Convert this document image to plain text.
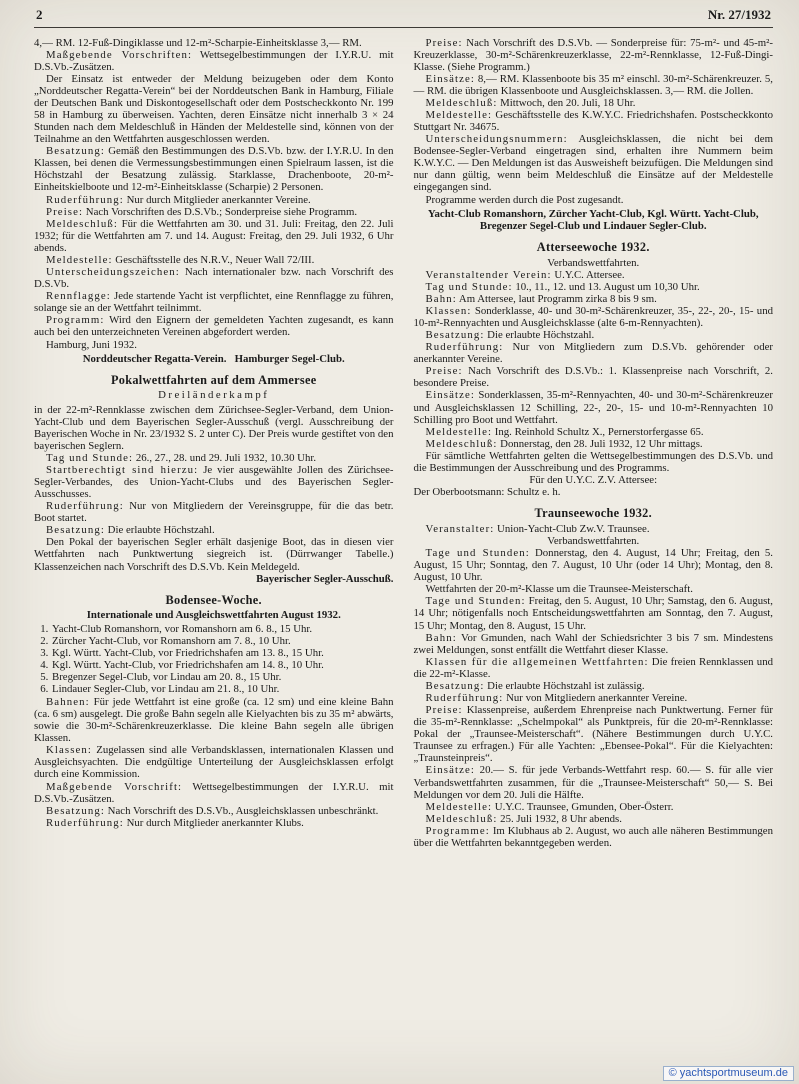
2	Nr. 27/1932

4,— RM. 12-Fuß-Dingiklasse und 12-m²-Scharpie-Einheitsklasse 3,— RM.

Maßgebende Vorschriften: Wettsegelbestimmungen der I.Y.R.U. mit D.S.Vb.-Zusätzen.

Der Einsatz ist entweder der Meldung beizugeben oder dem Konto „Norddeutscher Regatta-Verein“ bei der Norddeutschen Bank in Hamburg, Filiale der Deutschen Bank und Diskontogesellschaft oder dem Postscheckkonto Nr. 199 58 in Hamburg zu überweisen. Yachten, deren Einsätze nicht innerhalb 3 × 24 Stunden nach dem Meldeschluß in Händen der Meldestelle sind, können von der Teilnahme an den Wettfahrten ausgeschlossen werden.

Besatzung: Gemäß den Bestimmungen des D.S.Vb. bzw. der I.Y.R.U. In den Klassen, bei denen die Vermessungsbestimmungen einen Spielraum lassen, ist die Höchstzahl der Besatzung zulässig. Starklasse, Drachenboote, 20-m²-Einheitskielboote und 12-m²-Einheitsklasse (Scharpie) 2 Personen.

Ruderführung: Nur durch Mitglieder anerkannter Vereine.

Preise: Nach Vorschriften des D.S.Vb.; Sonderpreise siehe Programm.

Meldeschluß: Für die Wettfahrten am 30. und 31. Juli: Freitag, den 22. Juli 1932; für die Wettfahrten am 7. und 14. August: Freitag, den 29. Juli 1932, 6 Uhr abends.

Meldestelle: Geschäftsstelle des N.R.V., Neuer Wall 72/III.

Unterscheidungszeichen: Nach internationaler bzw. nach Vorschrift des D.S.Vb.

Rennflagge: Jede startende Yacht ist verpflichtet, eine Rennflagge zu führen, solange sie an der Wettfahrt teilnimmt.

Programm: Wird den Eignern der gemeldeten Yachten zugesandt, es kann auch bei den unterzeichneten Vereinen abgefordert werden.

Hamburg, Juni 1932.

Norddeutscher Regatta-Verein.   Hamburger Segel-Club.

Pokalwettfahrten auf dem Ammersee

Dreiländerkampf

in der 22-m²-Rennklasse zwischen dem Zürichsee-Segler-Verband, dem Union-Yacht-Club und dem Bayerischen Segler-Ausschuß (vergl. Ausschreibung der Bayerischen Woche in Nr. 23/1932 S. 2 unter C). Der Preis wurde gestiftet von den bayerischen Seglern.

Tag und Stunde: 26., 27., 28. und 29. Juli 1932, 10.30 Uhr.

Startberechtigt sind hierzu: Je vier ausgewählte Jollen des Zürichsee-Segler-Verbandes, des Union-Yacht-Clubs und des Bayerischen Segler-Ausschusses.

Ruderführung: Nur von Mitgliedern der Vereinsgruppe, für die das betr. Boot startet.

Besatzung: Die erlaubte Höchstzahl.

Den Pokal der bayerischen Segler erhält dasjenige Boot, das in diesen vier Wettfahrten nach Punktwertung siegreich ist. (Dürrwanger Tabelle.) Klassenzeichen nach Vorschrift des D.S.Vb. Kein Meldegeld.

Bayerischer Segler-Ausschuß.

Bodensee-Woche.

Internationale und Ausgleichswettfahrten August 1932.

1. Yacht-Club Romanshorn, vor Romanshorn am 6. 8., 15 Uhr.
2. Zürcher Yacht-Club, vor Romanshorn am 7. 8., 10 Uhr.
3. Kgl. Württ. Yacht-Club, vor Friedrichshafen am 13. 8., 15 Uhr.
4. Kgl. Württ. Yacht-Club, vor Friedrichshafen am 14. 8., 10 Uhr.
5. Bregenzer Segel-Club, vor Lindau am 20. 8., 15 Uhr.
6. Lindauer Segler-Club, vor Lindau am 21. 8., 10 Uhr.

Bahnen: Für jede Wettfahrt ist eine große (ca. 12 sm) und eine kleine Bahn (ca. 6 sm) ausgelegt. Die große Bahn segeln alle Kielyachten bis zu 35 m² abwärts, sowie die 30-m²-Schärenkreuzerklasse. Die kleine Bahn segeln alle übrigen Klassen.

Klassen: Zugelassen sind alle Verbandsklassen, internationalen Klassen und Ausgleichsyachten. Die endgültige Unterteilung der Ausgleichsklassen erfolgt durch eine Kommission.

Maßgebende Vorschrift: Wettsegelbestimmungen der I.Y.R.U. mit D.S.Vb.-Zusätzen.

Besatzung: Nach Vorschrift des D.S.Vb., Ausgleichsklassen unbeschränkt.

Ruderführung: Nur durch Mitglieder anerkannter Klubs.

Preise: Nach Vorschrift des D.S.Vb. — Sonderpreise für: 75-m²- und 45-m²-Kreuzerklasse, 30-m²-Schärenkreuzerklasse, 22-m²-Rennklasse, 12-Fuß-Dingi-Klasse. (Siehe Programm.)

Einsätze: 8,— RM. Klassenboote bis 35 m² einschl. 30-m²-Schärenkreuzer. 5,— RM. die übrigen Klassenboote und Ausgleichsklassen. 3,— RM. die Jollen.

Meldeschluß: Mittwoch, den 20. Juli, 18 Uhr.

Meldestelle: Geschäftsstelle des K.W.Y.C. Friedrichshafen. Postscheckkonto Stuttgart Nr. 34675.

Unterscheidungsnummern: Ausgleichsklassen, die nicht bei dem Bodensee-Segler-Verband eingetragen sind, erhalten ihre Nummern beim K.W.Y.C. — Den Meldungen ist das Ausweisheft beizufügen. Die Meldungen sind nur dann gültig, wenn beim Meldeschluß die Einsätze auf der Meldestelle eingegangen sind.

Programme werden durch die Post zugesandt.

Yacht-Club Romanshorn, Zürcher Yacht-Club, Kgl. Württ. Yacht-Club, Bregenzer Segel-Club und Lindauer Segler-Club.

Atterseewoche 1932.

Verbandswettfahrten.

Veranstaltender Verein: U.Y.C. Attersee.

Tag und Stunde: 10., 11., 12. und 13. August um 10,30 Uhr.

Bahn: Am Attersee, laut Programm zirka 8 bis 9 sm.

Klassen: Sonderklasse, 40- und 30-m²-Schärenkreuzer, 35-, 22-, 20-, 15- und 10-m²-Rennyachten und Ausgleichsklasse (alte 6-m-Rennyachten).

Besatzung: Die erlaubte Höchstzahl.

Ruderführung: Nur von Mitgliedern zum D.S.Vb. gehörender oder anerkannter Vereine.

Preise: Nach Vorschrift des D.S.Vb.: 1. Klassenpreise nach Vorschrift, 2. besondere Preise.

Einsätze: Sonderklassen, 35-m²-Rennyachten, 40- und 30-m²-Schärenkreuzer und Ausgleichsklassen 12 Schilling, 22-, 20-, 15- und 10-m²-Rennyachten 10 Schilling pro Boot und Wettfahrt.

Meldestelle: Ing. Reinhold Schultz X., Pernerstorfergasse 65.

Meldeschluß: Donnerstag, den 28. Juli 1932, 12 Uhr mittags.

Für sämtliche Wettfahrten gelten die Wettsegelbestimmungen des D.S.Vb. und die Bestimmungen der Ausschreibung und des Programms.

Für den U.Y.C. Z.V. Attersee:

Der Oberbootsmann: Schultz e. h.

Traunseewoche 1932.

Veranstalter: Union-Yacht-Club Zw.V. Traunsee.

Verbandswettfahrten.

Tage und Stunden: Donnerstag, den 4. August, 14 Uhr; Freitag, den 5. August, 15 Uhr; Sonntag, den 7. August, 10 Uhr (oder 14 Uhr); Montag, den 8. August, 10 Uhr.

Wettfahrten der 20-m²-Klasse um die Traunsee-Meisterschaft.

Tage und Stunden: Freitag, den 5. August, 10 Uhr; Samstag, den 6. August, 14 Uhr; nötigenfalls noch Entscheidungswettfahrten am Sonntag, den 7. August, 15 Uhr; Montag, den 8. August, 15 Uhr.

Bahn: Vor Gmunden, nach Wahl der Schiedsrichter 3 bis 7 sm. Mindestens zwei Meldungen, sonst entfällt die Wettfahrt dieser Klasse.

Klassen für die allgemeinen Wettfahrten: Die freien Rennklassen und die 22-m²-Klasse.

Besatzung: Die erlaubte Höchstzahl ist zulässig.

Ruderführung: Nur von Mitgliedern anerkannter Vereine.

Preise: Klassenpreise, außerdem Ehrenpreise nach Punktwertung. Ferner für die 35-m²-Rennklasse: „Schelmpokal“ als Punktpreis, für die 20-m²-Rennklasse: Pokal der „Traunsee-Meisterschaft“. (Nähere Bestimmungen durch U.Y.C. Traunsee zu erfragen.) Für alle Yachten: „Ebensee-Pokal“. Für die Kielyachten: „Traunsteinpreis“.

Einsätze: 20.— S. für jede Verbands-Wettfahrt resp. 60.— S. für alle vier Verbandswettfahrten zusammen, für die „Traunsee-Meisterschaft“ 50,— S. Bei Meldungen vor dem 20. Juli die Hälfte.

Meldestelle: U.Y.C. Traunsee, Gmunden, Ober-Österr.

Meldeschluß: 25. Juli 1932, 8 Uhr abends.

Programme: Im Klubhaus ab 2. August, wo auch alle näheren Bestimmungen über die Wettfahrten bekanntgegeben werden.

© yachtsportmuseum.de
